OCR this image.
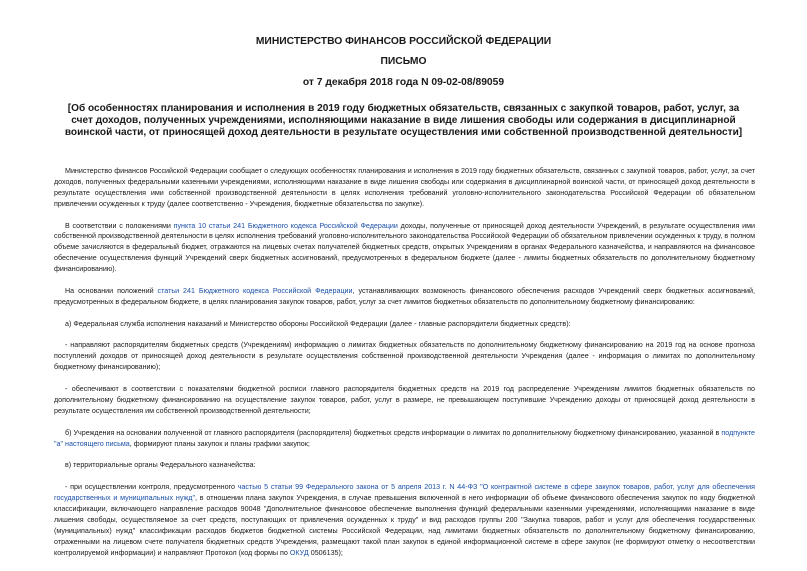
МИНИСТЕРСТВО ФИНАНСОВ РОССИЙСКОЙ ФЕДЕРАЦИИ
ПИСЬМО
от 7 декабря 2018 года N 09-02-08/89059
[Об особенностях планирования и исполнения в 2019 году бюджетных обязательств, связанных с закупкой товаров, работ, услуг, за счет доходов, полученных учреждениями, исполняющими наказание в виде лишения свободы или содержания в дисциплинарной воинской части, от приносящей доход деятельности в результате осуществления ими собственной производственной деятельности]

Министерство финансов Российской Федерации сообщает о следующих особенностях планирования и исполнения в 2019 году бюджетных обязательств, связанных с закупкой товаров, работ, услуг, за счет доходов, полученных федеральными казенными учреждениями, исполняющими наказание в виде лишения свободы или содержания в дисциплинарной воинской части, от приносящей доход деятельности в результате осуществления ими собственной производственной деятельности в целях исполнения требований уголовно-исполнительного законодательства Российской Федерации об обязательном привлечении осужденных к труду (далее соответственно - Учреждения, бюджетные обязательства по закупке).

В соответствии с положениями пункта 10 статьи 241 Бюджетного кодекса Российской Федерации доходы, полученные от приносящей доход деятельности Учреждений, в результате осуществления ими собственной производственной деятельности в целях исполнения требований уголовно-исполнительного законодательства Российской Федерации об обязательном привлечении осужденных к труду, в полном объеме зачисляются в федеральный бюджет, отражаются на лицевых счетах получателей бюджетных средств, открытых Учреждениям в органах Федерального казначейства, и направляются на финансовое обеспечение осуществления функций Учреждений сверх бюджетных ассигнований, предусмотренных в федеральном бюджете (далее - лимиты бюджетных обязательств по дополнительному бюджетному финансированию).

На основании положений статьи 241 Бюджетного кодекса Российской Федерации, устанавливающих возможность финансового обеспечения расходов Учреждений сверх бюджетных ассигнований, предусмотренных в федеральном бюджете, в целях планирования закупок товаров, работ, услуг за счет лимитов бюджетных обязательств по дополнительному бюджетному финансированию:

а) Федеральная служба исполнения наказаний и Министерство обороны Российской Федерации (далее - главные распорядители бюджетных средств):

- направляют распорядителям бюджетных средств (Учреждениям) информацию о лимитах бюджетных обязательств по дополнительному бюджетному финансированию на 2019 год на основе прогноза поступлений доходов от приносящей доход деятельности в результате осуществления собственной производственной деятельности Учреждения (далее - информация о лимитах по дополнительному бюджетному финансированию);

- обеспечивают в соответствии с показателями бюджетной росписи главного распорядителя бюджетных средств на 2019 год распределение Учреждениям лимитов бюджетных обязательств по дополнительному бюджетному финансированию на осуществление закупок товаров, работ, услуг в размере, не превышающем поступившие Учреждению доходы от приносящей доход деятельности в результате осуществления им собственной производственной деятельности;

б) Учреждения на основании полученной от главного распорядителя (распорядителя) бюджетных средств информации о лимитах по дополнительному бюджетному финансированию, указанной в подпункте "а" настоящего письма, формируют планы закупок и планы графики закупок;

в) территориальные органы Федерального казначейства:

- при осуществлении контроля, предусмотренного частью 5 статьи 99 Федерального закона от 5 апреля 2013 г. N 44-ФЗ "О контрактной системе в сфере закупок товаров, работ, услуг для обеспечения государственных и муниципальных нужд", в отношении плана закупок Учреждения, в случае превышения включенной в него информации об объеме финансового обеспечения закупок по коду бюджетной классификации, включающего направление расходов 90048 "Дополнительное финансовое обеспечение выполнения функций федеральными казенными учреждениями, исполняющими наказание в виде лишения свободы, осуществляемое за счет средств, поступающих от привлечения осужденных к труду" и вид расходов группы 200 "Закупка товаров, работ и услуг для обеспечения государственных (муниципальных) нужд" классификации расходов бюджетов бюджетной системы Российской Федерации, над лимитами бюджетных обязательств по дополнительному бюджетному финансированию, отраженными на лицевом счете получателя бюджетных средств Учреждения, размещают такой план закупок в единой информационной системе в сфере закупок (не формируют отметку о несоответствии контролируемой информации) и направляют Протокол (код формы по ОКУД 0506135);
